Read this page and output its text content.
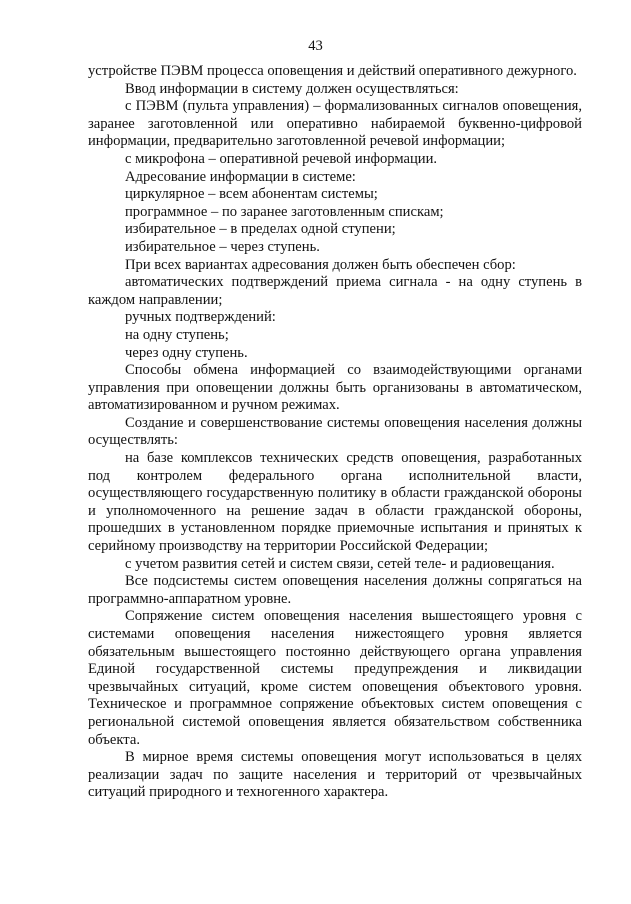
43

устройстве ПЭВМ процесса оповещения и действий оперативного дежурного.

Ввод информации в систему должен осуществляться:

с ПЭВМ (пульта управления) – формализованных сигналов оповещения, заранее заготовленной или оперативно набираемой буквенно-цифровой информации, предварительно заготовленной речевой информации;

с микрофона – оперативной речевой информации.

Адресование информации в системе:

циркулярное – всем абонентам системы;

программное – по заранее заготовленным спискам;

избирательное – в пределах одной ступени;

избирательное – через ступень.

При всех вариантах адресования должен быть обеспечен сбор:

автоматических подтверждений приема сигнала - на одну ступень в каждом направлении;

ручных подтверждений:

на одну ступень;

через одну ступень.

Способы обмена информацией со взаимодействующими органами управления при оповещении должны быть организованы в автоматическом, автоматизированном и ручном режимах.

Создание и совершенствование системы оповещения населения должны осуществлять:

на базе комплексов технических средств оповещения, разработанных под контролем федерального органа исполнительной власти, осуществляющего государственную политику в области гражданской обороны и уполномоченного на решение задач в области гражданской обороны, прошедших в установленном порядке приемочные испытания и принятых к серийному производству на территории Российской Федерации;

с учетом развития сетей и систем связи, сетей теле- и радиовещания.

Все подсистемы систем оповещения населения должны сопрягаться на программно-аппаратном уровне.

Сопряжение систем оповещения населения вышестоящего уровня с системами оповещения населения нижестоящего уровня является обязательным вышестоящего постоянно действующего органа управления Единой государственной системы предупреждения и ликвидации чрезвычайных ситуаций, кроме систем оповещения объектового уровня. Техническое и программное сопряжение объектовых систем оповещения с региональной системой оповещения является обязательством собственника объекта.

В мирное время системы оповещения могут использоваться в целях реализации задач по защите населения и территорий от чрезвычайных ситуаций природного и техногенного характера.
